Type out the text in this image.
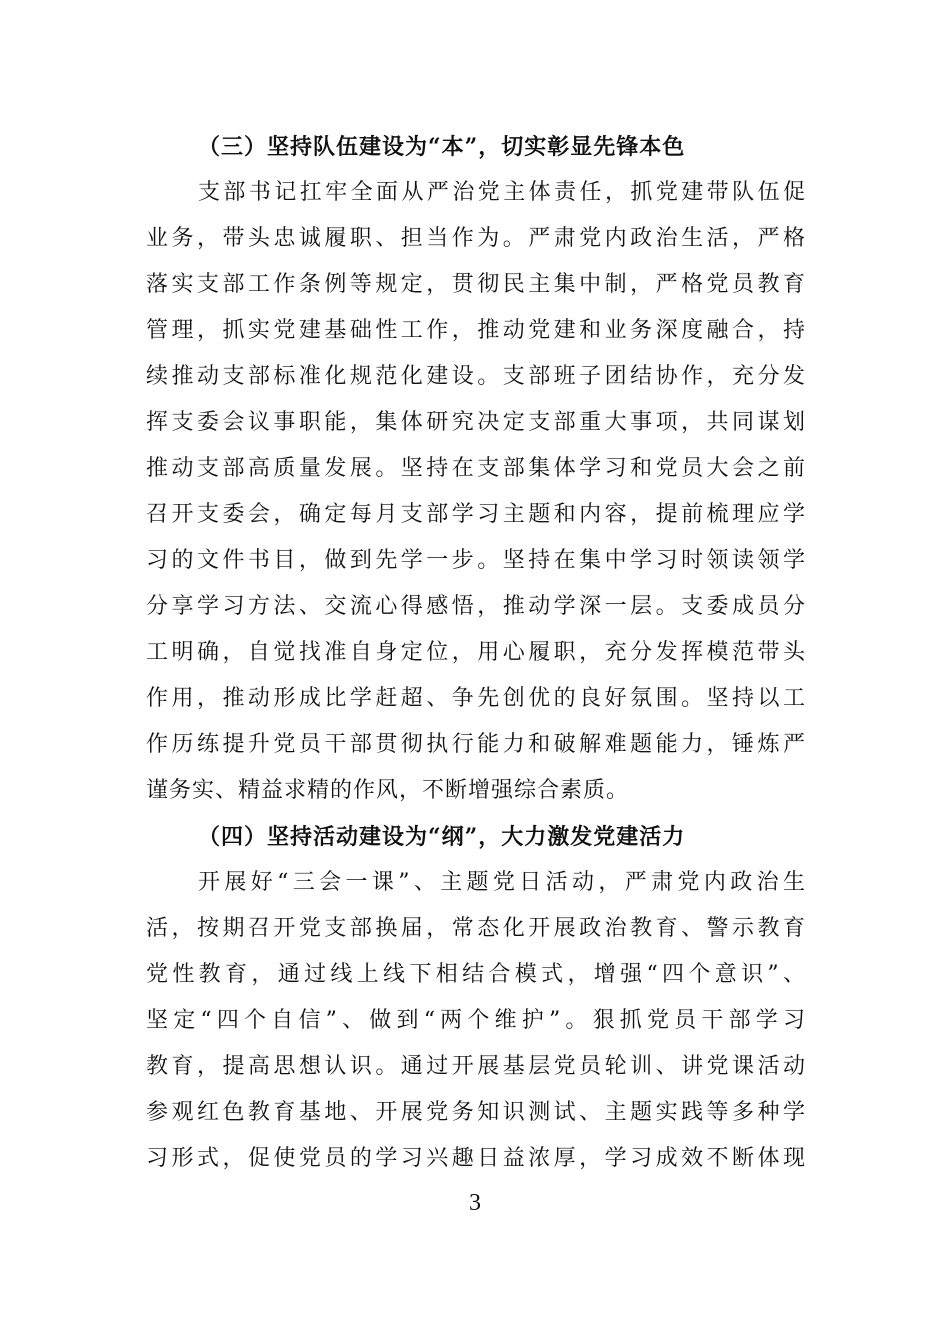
（三）坚持队伍建设为“本”，切实彰显先锋本色
支部书记扛牢全面从严治党主体责任，抓党建带队伍促
业务，带头忠诚履职、担当作为。严肃党内政治生活，严格
落实支部工作条例等规定，贯彻民主集中制，严格党员教育
管理，抓实党建基础性工作，推动党建和业务深度融合，持
续推动支部标准化规范化建设。支部班子团结协作，充分发
挥支委会议事职能，集体研究决定支部重大事项，共同谋划
推动支部高质量发展。坚持在支部集体学习和党员大会之前
召开支委会，确定每月支部学习主题和内容，提前梳理应学
习的文件书目，做到先学一步。坚持在集中学习时领读领学
分享学习方法、交流心得感悟，推动学深一层。支委成员分
工明确，自觉找准自身定位，用心履职，充分发挥模范带头
作用，推动形成比学赶超、争先创优的良好氛围。坚持以工
作历练提升党员干部贯彻执行能力和破解难题能力，锤炼严
谨务实、精益求精的作风，不断增强综合素质。
（四）坚持活动建设为“纲”，大力激发党建活力
开展好“三会一课”、主题党日活动，严肃党内政治生
活，按期召开党支部换届，常态化开展政治教育、警示教育
党性教育，通过线上线下相结合模式，增强“四个意识”、
坚定“四个自信”、做到“两个维护”。狠抓党员干部学习
教育，提高思想认识。通过开展基层党员轮训、讲党课活动
参观红色教育基地、开展党务知识测试、主题实践等多种学
习形式，促使党员的学习兴趣日益浓厚，学习成效不断体现
3
